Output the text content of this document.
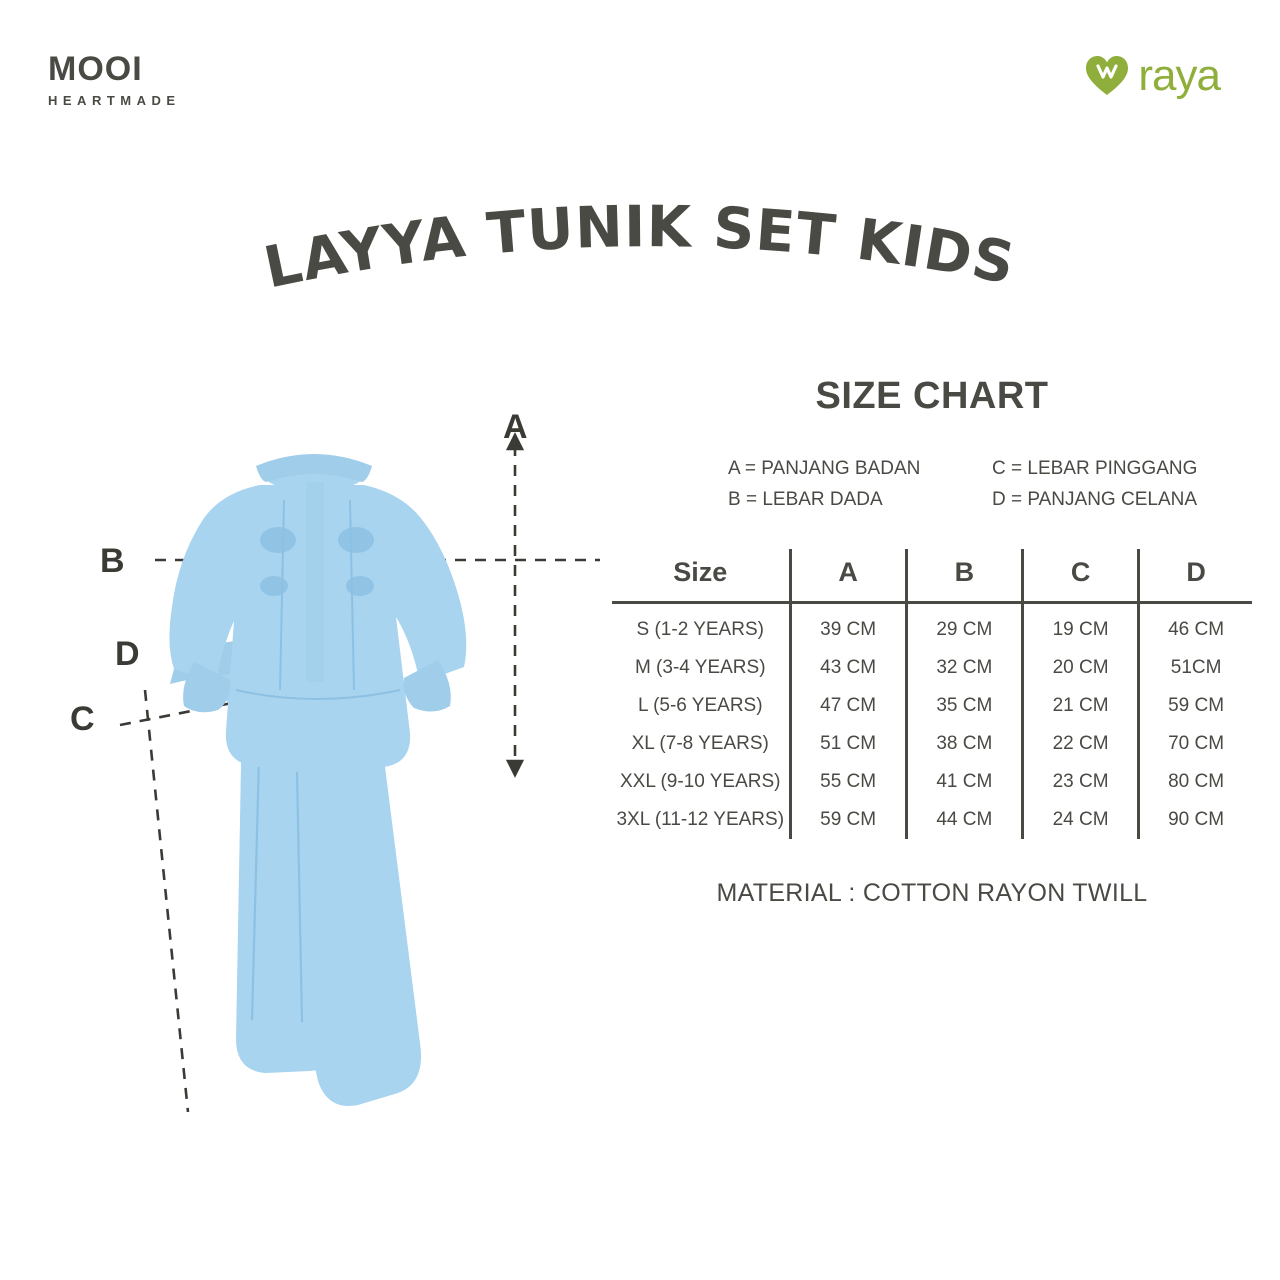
MOOI
HEARTMADE
raya
LAYYA TUNIK SET KIDS
A
B
D
C
SIZE CHART
A = PANJANG BADAN	C = LEBAR PINGGANG
B = LEBAR DADA	D = PANJANG CELANA
Size	A	B	C	D
S (1-2 YEARS)	39 CM	29 CM	19 CM	46 CM
M (3-4 YEARS)	43 CM	32 CM	20 CM	51CM
L (5-6 YEARS)	47 CM	35 CM	21 CM	59 CM
XL (7-8 YEARS)	51 CM	38 CM	22 CM	70 CM
XXL (9-10 YEARS)	55 CM	41 CM	23 CM	80 CM
3XL (11-12 YEARS)	59 CM	44 CM	24 CM	90 CM
MATERIAL : COTTON RAYON TWILL
